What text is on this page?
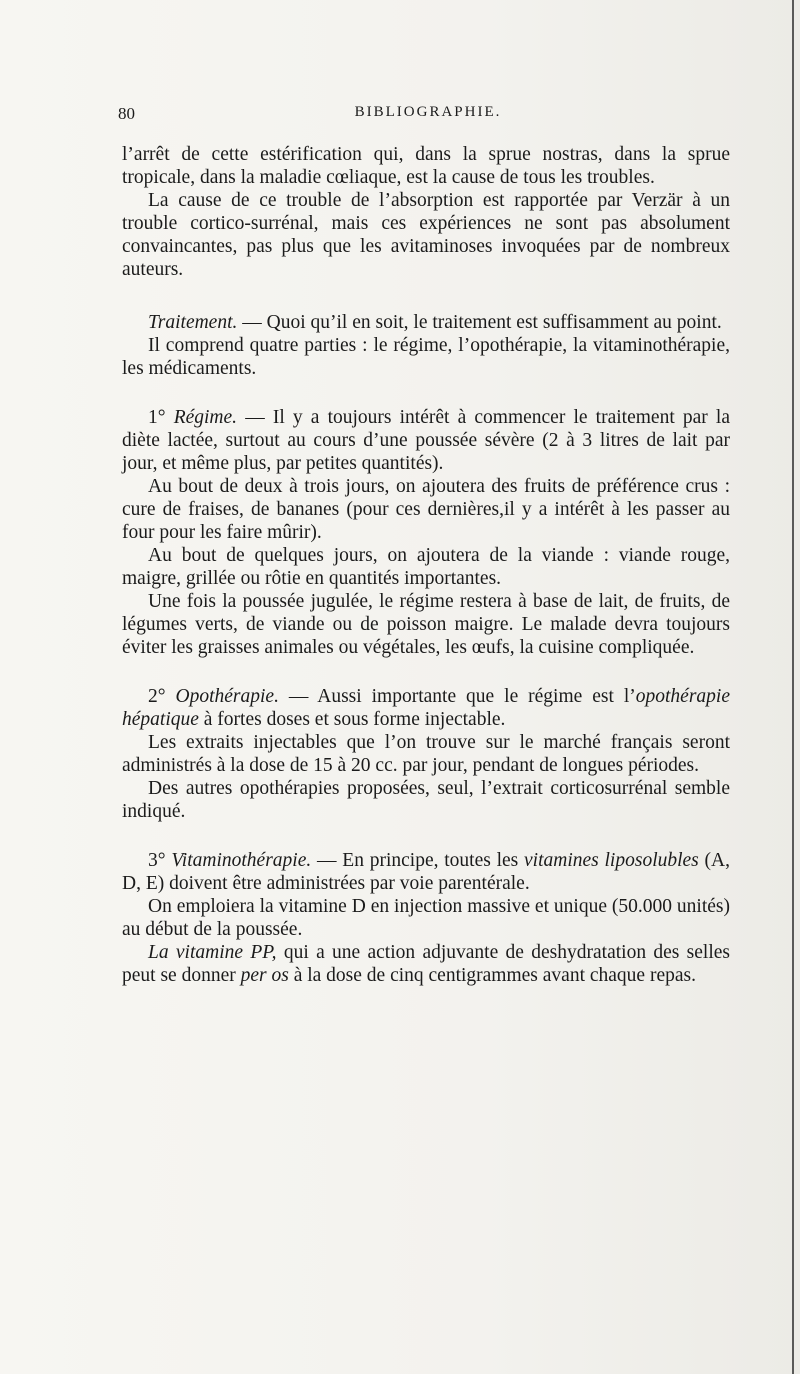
80	BIBLIOGRAPHIE.

l’arrêt de cette estérification qui, dans la sprue nostras, dans la sprue tropicale, dans la maladie cœliaque, est la cause de tous les troubles.

La cause de ce trouble de l’absorption est rapportée par Verzär à un trouble cortico-surrénal, mais ces expériences ne sont pas absolument convaincantes, pas plus que les avitaminoses invoquées par de nombreux auteurs.

Traitement. — Quoi qu’il en soit, le traitement est suffisamment au point.

Il comprend quatre parties : le régime, l’opothérapie, la vitaminothérapie, les médicaments.

1° Régime. — Il y a toujours intérêt à commencer le traitement par la diète lactée, surtout au cours d’une poussée sévère (2 à 3 litres de lait par jour, et même plus, par petites quantités).

Au bout de deux à trois jours, on ajoutera des fruits de préférence crus : cure de fraises, de bananes (pour ces dernières,il y a intérêt à les passer au four pour les faire mûrir).

Au bout de quelques jours, on ajoutera de la viande : viande rouge, maigre, grillée ou rôtie en quantités importantes.

Une fois la poussée jugulée, le régime restera à base de lait, de fruits, de légumes verts, de viande ou de poisson maigre. Le malade devra toujours éviter les graisses animales ou végétales, les œufs, la cuisine compliquée.

2° Opothérapie. — Aussi importante que le régime est l’opothérapie hépatique à fortes doses et sous forme injectable.

Les extraits injectables que l’on trouve sur le marché français seront administrés à la dose de 15 à 20 cc. par jour, pendant de longues périodes.

Des autres opothérapies proposées, seul, l’extrait corticosurrénal semble indiqué.

3° Vitaminothérapie. — En principe, toutes les vitamines liposolubles (A, D, E) doivent être administrées par voie parentérale.

On emploiera la vitamine D en injection massive et unique (50.000 unités) au début de la poussée.

La vitamine PP, qui a une action adjuvante de deshydratation des selles peut se donner per os à la dose de cinq centigrammes avant chaque repas.
